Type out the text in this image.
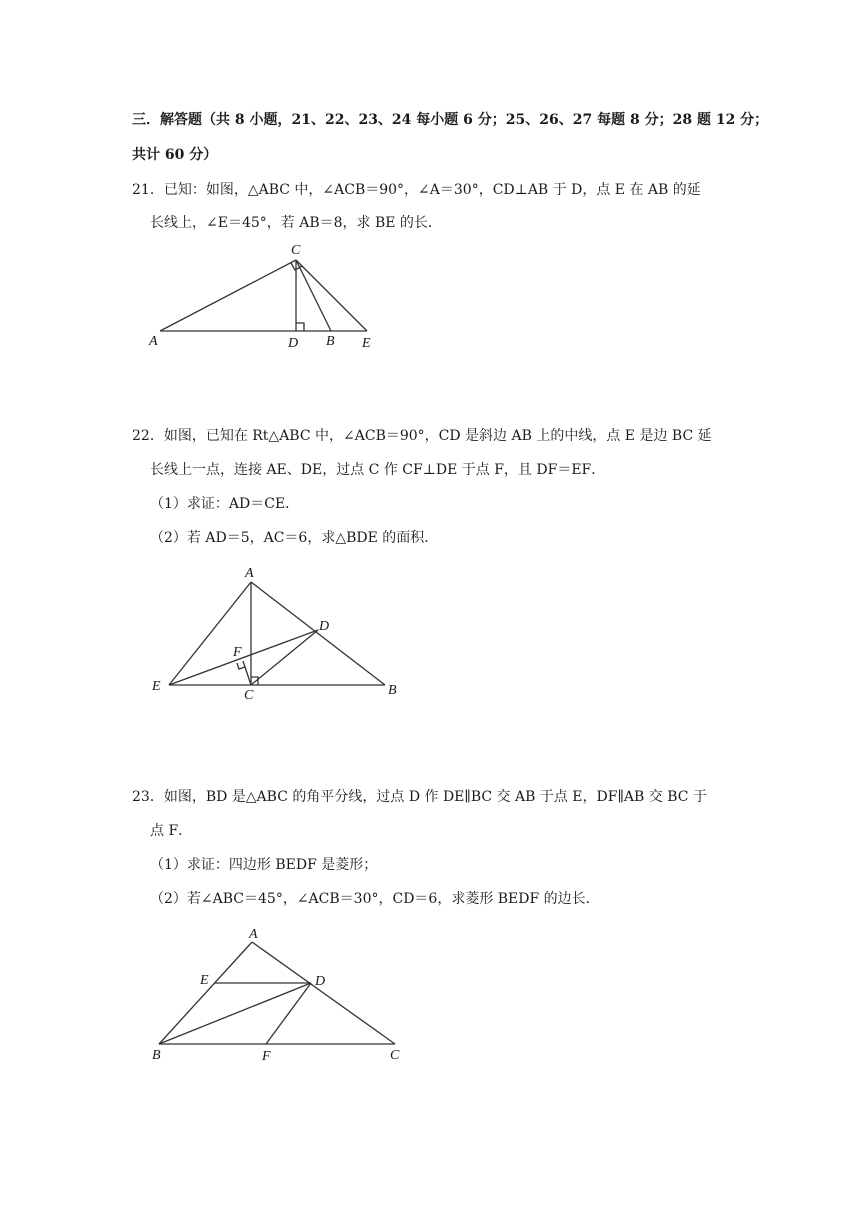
三．解答题（共 8 小题，21、22、23、24 每小题 6 分；25、26、27 每题 8 分；28 题 12 分；
共计 60 分）
21．已知：如图，△ABC 中，∠ACB＝90°，∠A＝30°，CD⊥AB 于 D，点 E 在 AB 的延
长线上，∠E＝45°，若 AB＝8，求 BE 的长．
C
A	D B E
22．如图，已知在 Rt△ABC 中，∠ACB＝90°，CD 是斜边 AB 上的中线，点 E 是边 BC 延
长线上一点，连接 AE、DE，过点 C 作 CF⊥DE 于点 F，且 DF＝EF．
（1）求证：AD＝CE．
（2）若 AD＝5，AC＝6，求△BDE 的面积．
A
D
F
E
C	B
23．如图，BD 是△ABC 的角平分线，过点 D 作 DE∥BC 交 AB 于点 E，DF∥AB 交 BC 于
点 F．
（1）求证：四边形 BEDF 是菱形；
（2）若∠ABC＝45°，∠ACB＝30°，CD＝6，求菱形 BEDF 的边长．
A
E	D
B	F	C
